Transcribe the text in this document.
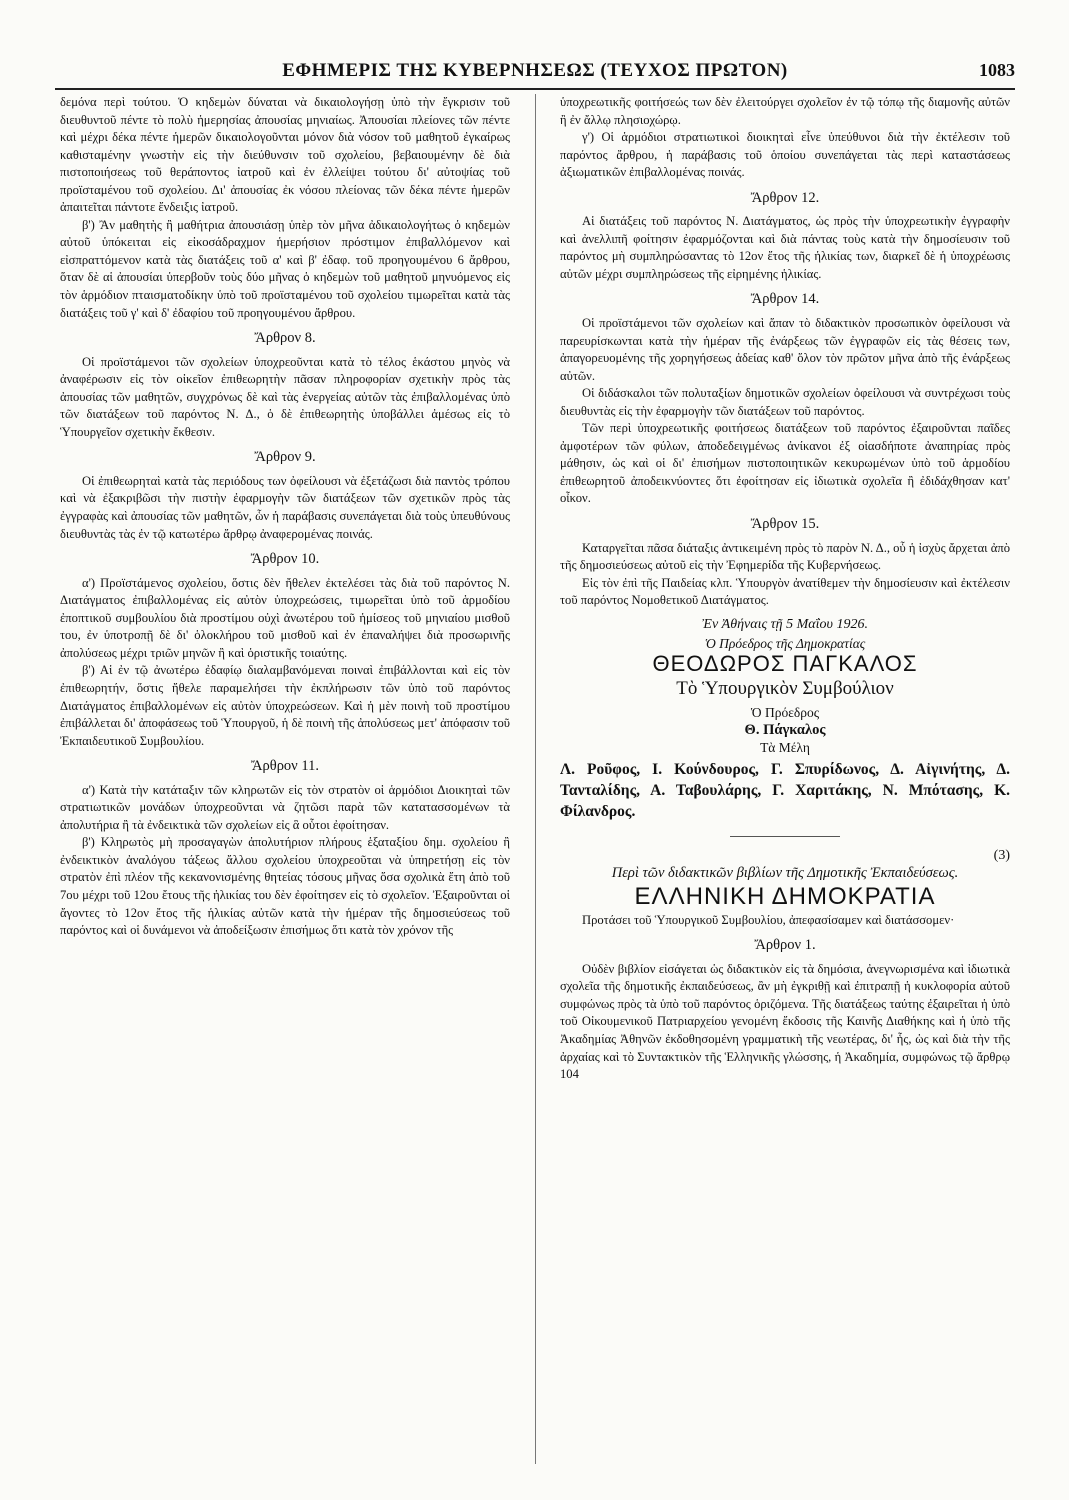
ΕΦΗΜΕΡΙΣ ΤΗΣ ΚΥΒΕΡΝΗΣΕΩΣ (ΤΕΥΧΟΣ ΠΡΩΤΟΝ)	1083

δεμόνα περὶ τούτου. Ὁ κηδεμὼν δύναται νὰ δικαιολογήσῃ ὑπὸ τὴν ἔγκρισιν τοῦ διευθυντοῦ πέντε τὸ πολὺ ἡμερησίας ἀπουσίας μηνιαίως. Ἀπουσίαι πλείονες τῶν πέντε καὶ μέχρι δέκα πέντε ἡμερῶν δικαιολογοῦνται μόνον διὰ νόσον τοῦ μαθητοῦ ἐγκαίρως καθισταμένην γνωστὴν εἰς τὴν διεύθυνσιν τοῦ σχολείου, βεβαιουμένην δὲ διὰ πιστοποιήσεως τοῦ θεράποντος ἰατροῦ καὶ ἐν ἐλλείψει τούτου δι' αὐτοψίας τοῦ προϊσταμένου τοῦ σχολείου. Δι' ἀπουσίας ἐκ νόσου πλείονας τῶν δέκα πέντε ἡμερῶν ἀπαιτεῖται πάντοτε ἔνδειξις ἰατροῦ.

β') Ἂν μαθητὴς ἢ μαθήτρια ἀπουσιάσῃ ὑπὲρ τὸν μῆνα ἀδικαιολογήτως ὁ κηδεμὼν αὐτοῦ ὑπόκειται εἰς εἰκοσάδραχμον ἡμερήσιον πρόστιμον ἐπιβαλλόμενον καὶ εἰσπραττόμενον κατὰ τὰς διατάξεις τοῦ α' καὶ β' ἐδαφ. τοῦ προηγουμένου 6 ἄρθρου, ὅταν δὲ αἱ ἀπουσίαι ὑπερβοῦν τοὺς δύο μῆνας ὁ κηδεμὼν τοῦ μαθητοῦ μηνυόμενος εἰς τὸν ἁρμόδιον πταισματοδίκην ὑπὸ τοῦ προϊσταμένου τοῦ σχολείου τιμωρεῖται κατὰ τὰς διατάξεις τοῦ γ' καὶ δ' ἐδαφίου τοῦ προηγουμένου ἄρθρου.

Ἄρθρον 8.

Οἱ προϊστάμενοι τῶν σχολείων ὑποχρεοῦνται κατὰ τὸ τέλος ἑκάστου μηνὸς νὰ ἀναφέρωσιν εἰς τὸν οἰκεῖον ἐπιθεωρητὴν πᾶσαν πληροφορίαν σχετικὴν πρὸς τὰς ἀπουσίας τῶν μαθητῶν, συγχρόνως δὲ καὶ τὰς ἐνεργείας αὐτῶν τὰς ἐπιβαλλομένας ὑπὸ τῶν διατάξεων τοῦ παρόντος Ν. Δ., ὁ δὲ ἐπιθεωρητὴς ὑποβάλλει ἀμέσως εἰς τὸ Ὑπουργεῖον σχετικὴν ἔκθεσιν.

Ἄρθρον 9.

Οἱ ἐπιθεωρηταὶ κατὰ τὰς περιόδους των ὀφείλουσι νὰ ἐξετάζωσι διὰ παντὸς τρόπου καὶ νὰ ἐξακριβῶσι τὴν πιστὴν ἐφαρμογὴν τῶν διατάξεων τῶν σχετικῶν πρὸς τὰς ἐγγραφὰς καὶ ἀπουσίας τῶν μαθητῶν, ὧν ἡ παράβασις συνεπάγεται διὰ τοὺς ὑπευθύνους διευθυντὰς τὰς ἐν τῷ κατωτέρω ἄρθρῳ ἀναφερομένας ποινάς.

Ἄρθρον 10.

α') Προϊστάμενος σχολείου, ὅστις δὲν ἤθελεν ἐκτελέσει τὰς διὰ τοῦ παρόντος Ν. Διατάγματος ἐπιβαλλομένας εἰς αὐτὸν ὑποχρεώσεις, τιμωρεῖται ὑπὸ τοῦ ἁρμοδίου ἐποπτικοῦ συμβουλίου διὰ προστίμου οὐχὶ ἀνωτέρου τοῦ ἡμίσεος τοῦ μηνιαίου μισθοῦ του, ἐν ὑποτροπῇ δὲ δι' ὁλοκλήρου τοῦ μισθοῦ καὶ ἐν ἐπαναλήψει διὰ προσωρινῆς ἀπολύσεως μέχρι τριῶν μηνῶν ἢ καὶ ὁριστικῆς τοιαύτης.

β') Αἱ ἐν τῷ ἀνωτέρω ἐδαφίῳ διαλαμβανόμεναι ποιναὶ ἐπιβάλλονται καὶ εἰς τὸν ἐπιθεωρητήν, ὅστις ἤθελε παραμελήσει τὴν ἐκπλήρωσιν τῶν ὑπὸ τοῦ παρόντος Διατάγματος ἐπιβαλλομένων εἰς αὐτὸν ὑποχρεώσεων. Καὶ ἡ μὲν ποινὴ τοῦ προστίμου ἐπιβάλλεται δι' ἀποφάσεως τοῦ Ὑπουργοῦ, ἡ δὲ ποινὴ τῆς ἀπολύσεως μετ' ἀπόφασιν τοῦ Ἐκπαιδευτικοῦ Συμβουλίου.

Ἄρθρον 11.

α') Κατὰ τὴν κατάταξιν τῶν κληρωτῶν εἰς τὸν στρατὸν οἱ ἁρμόδιοι Διοικηταὶ τῶν στρατιωτικῶν μονάδων ὑποχρεοῦνται νὰ ζητῶσι παρὰ τῶν κατατασσομένων τὰ ἀπολυτήρια ἢ τὰ ἐνδεικτικὰ τῶν σχολείων εἰς ἃ οὗτοι ἐφοίτησαν.

β') Κληρωτὸς μὴ προσαγαγὼν ἀπολυτήριον πλήρους ἑξαταξίου δημ. σχολείου ἢ ἐνδεικτικὸν ἀναλόγου τάξεως ἄλλου σχολείου ὑποχρεοῦται νὰ ὑπηρετήσῃ εἰς τὸν στρατὸν ἐπὶ πλέον τῆς κεκανονισμένης θητείας τόσους μῆνας ὅσα σχολικὰ ἔτη ἀπὸ τοῦ 7ου μέχρι τοῦ 12ου ἔτους τῆς ἡλικίας του δὲν ἐφοίτησεν εἰς τὸ σχολεῖον. Ἐξαιροῦνται οἱ ἄγοντες τὸ 12ον ἔτος τῆς ἡλικίας αὐτῶν κατὰ τὴν ἡμέραν τῆς δημοσιεύσεως τοῦ παρόντος καὶ οἱ δυνάμενοι νὰ ἀποδείξωσιν ἐπισήμως ὅτι κατὰ τὸν χρόνον τῆς

ὑποχρεωτικῆς φοιτήσεώς των δὲν ἐλειτούργει σχολεῖον ἐν τῷ τόπῳ τῆς διαμονῆς αὐτῶν ἢ ἐν ἄλλῳ πλησιοχώρῳ.

γ') Οἱ ἁρμόδιοι στρατιωτικοὶ διοικηταὶ εἶνε ὑπεύθυνοι διὰ τὴν ἐκτέλεσιν τοῦ παρόντος ἄρθρου, ἡ παράβασις τοῦ ὁποίου συνεπάγεται τὰς περὶ καταστάσεως ἀξιωματικῶν ἐπιβαλλομένας ποινάς.

Ἄρθρον 12.

Αἱ διατάξεις τοῦ παρόντος Ν. Διατάγματος, ὡς πρὸς τὴν ὑποχρεωτικὴν ἐγγραφὴν καὶ ἀνελλιπῆ φοίτησιν ἐφαρμόζονται καὶ διὰ πάντας τοὺς κατὰ τὴν δημοσίευσιν τοῦ παρόντος μὴ συμπληρώσαντας τὸ 12ον ἔτος τῆς ἡλικίας των, διαρκεῖ δὲ ἡ ὑποχρέωσις αὐτῶν μέχρι συμπληρώσεως τῆς εἰρημένης ἡλικίας.

Ἄρθρον 14.

Οἱ προϊστάμενοι τῶν σχολείων καὶ ἅπαν τὸ διδακτικὸν προσωπικὸν ὀφείλουσι νὰ παρευρίσκωνται κατὰ τὴν ἡμέραν τῆς ἐνάρξεως τῶν ἐγγραφῶν εἰς τὰς θέσεις των, ἀπαγορευομένης τῆς χορηγήσεως ἀδείας καθ' ὅλον τὸν πρῶτον μῆνα ἀπὸ τῆς ἐνάρξεως αὐτῶν.

Οἱ διδάσκαλοι τῶν πολυταξίων δημοτικῶν σχολείων ὀφείλουσι νὰ συντρέχωσι τοὺς διευθυντὰς εἰς τὴν ἐφαρμογὴν τῶν διατάξεων τοῦ παρόντος.

Τῶν περὶ ὑποχρεωτικῆς φοιτήσεως διατάξεων τοῦ παρόντος ἐξαιροῦνται παῖδες ἀμφοτέρων τῶν φύλων, ἀποδεδειγμένως ἀνίκανοι ἐξ οἱασδήποτε ἀναπηρίας πρὸς μάθησιν, ὡς καὶ οἱ δι' ἐπισήμων πιστοποιητικῶν κεκυρωμένων ὑπὸ τοῦ ἁρμοδίου ἐπιθεωρητοῦ ἀποδεικνύοντες ὅτι ἐφοίτησαν εἰς ἰδιωτικὰ σχολεῖα ἢ ἐδιδάχθησαν κατ' οἶκον.

Ἄρθρον 15.

Καταργεῖται πᾶσα διάταξις ἀντικειμένη πρὸς τὸ παρὸν Ν. Δ., οὗ ἡ ἰσχὺς ἄρχεται ἀπὸ τῆς δημοσιεύσεως αὐτοῦ εἰς τὴν Ἐφημερίδα τῆς Κυβερνήσεως.

Εἰς τὸν ἐπὶ τῆς Παιδείας κλπ. Ὑπουργὸν ἀνατίθεμεν τὴν δημοσίευσιν καὶ ἐκτέλεσιν τοῦ παρόντος Νομοθετικοῦ Διατάγματος.

Ἐν Ἀθήναις τῇ 5 Μαΐου 1926.
Ὁ Πρόεδρος τῆς Δημοκρατίας
ΘΕΟΔΩΡΟΣ ΠΑΓΚΑΛΟΣ
Τὸ Ὑπουργικὸν Συμβούλιον
Ὁ Πρόεδρος
Θ. Πάγκαλος
Τὰ Μέλη
Λ. Ροῦφος, Ι. Κούνδουρος, Γ. Σπυρίδωνος, Δ. Αἰγινήτης, Δ. Τανταλίδης, Α. Ταβουλάρης, Γ. Χαριτάκης, Ν. Μπότασης, Κ. Φίλανδρος.
(3)
Περὶ τῶν διδακτικῶν βιβλίων τῆς Δημοτικῆς Ἐκπαιδεύσεως.
ΕΛΛΗΝΙΚΗ ΔΗΜΟΚΡΑΤΙΑ

Προτάσει τοῦ Ὑπουργικοῦ Συμβουλίου, ἀπεφασίσαμεν καὶ διατάσσομεν·

Ἄρθρον 1.

Οὐδὲν βιβλίον εἰσάγεται ὡς διδακτικὸν εἰς τὰ δημόσια, ἀνεγνωρισμένα καὶ ἰδιωτικὰ σχολεῖα τῆς δημοτικῆς ἐκπαιδεύσεως, ἂν μὴ ἐγκριθῇ καὶ ἐπιτραπῇ ἡ κυκλοφορία αὐτοῦ συμφώνως πρὸς τὰ ὑπὸ τοῦ παρόντος ὁριζόμενα. Τῆς διατάξεως ταύτης ἐξαιρεῖται ἡ ὑπὸ τοῦ Οἰκουμενικοῦ Πατριαρχείου γενομένη ἔκδοσις τῆς Καινῆς Διαθήκης καὶ ἡ ὑπὸ τῆς Ἀκαδημίας Ἀθηνῶν ἐκδοθησομένη γραμματικὴ τῆς νεωτέρας, δι' ἧς, ὡς καὶ διὰ τὴν τῆς ἀρχαίας καὶ τὸ Συντακτικὸν τῆς Ἑλληνικῆς γλώσσης, ἡ Ἀκαδημία, συμφώνως τῷ ἄρθρῳ 104
